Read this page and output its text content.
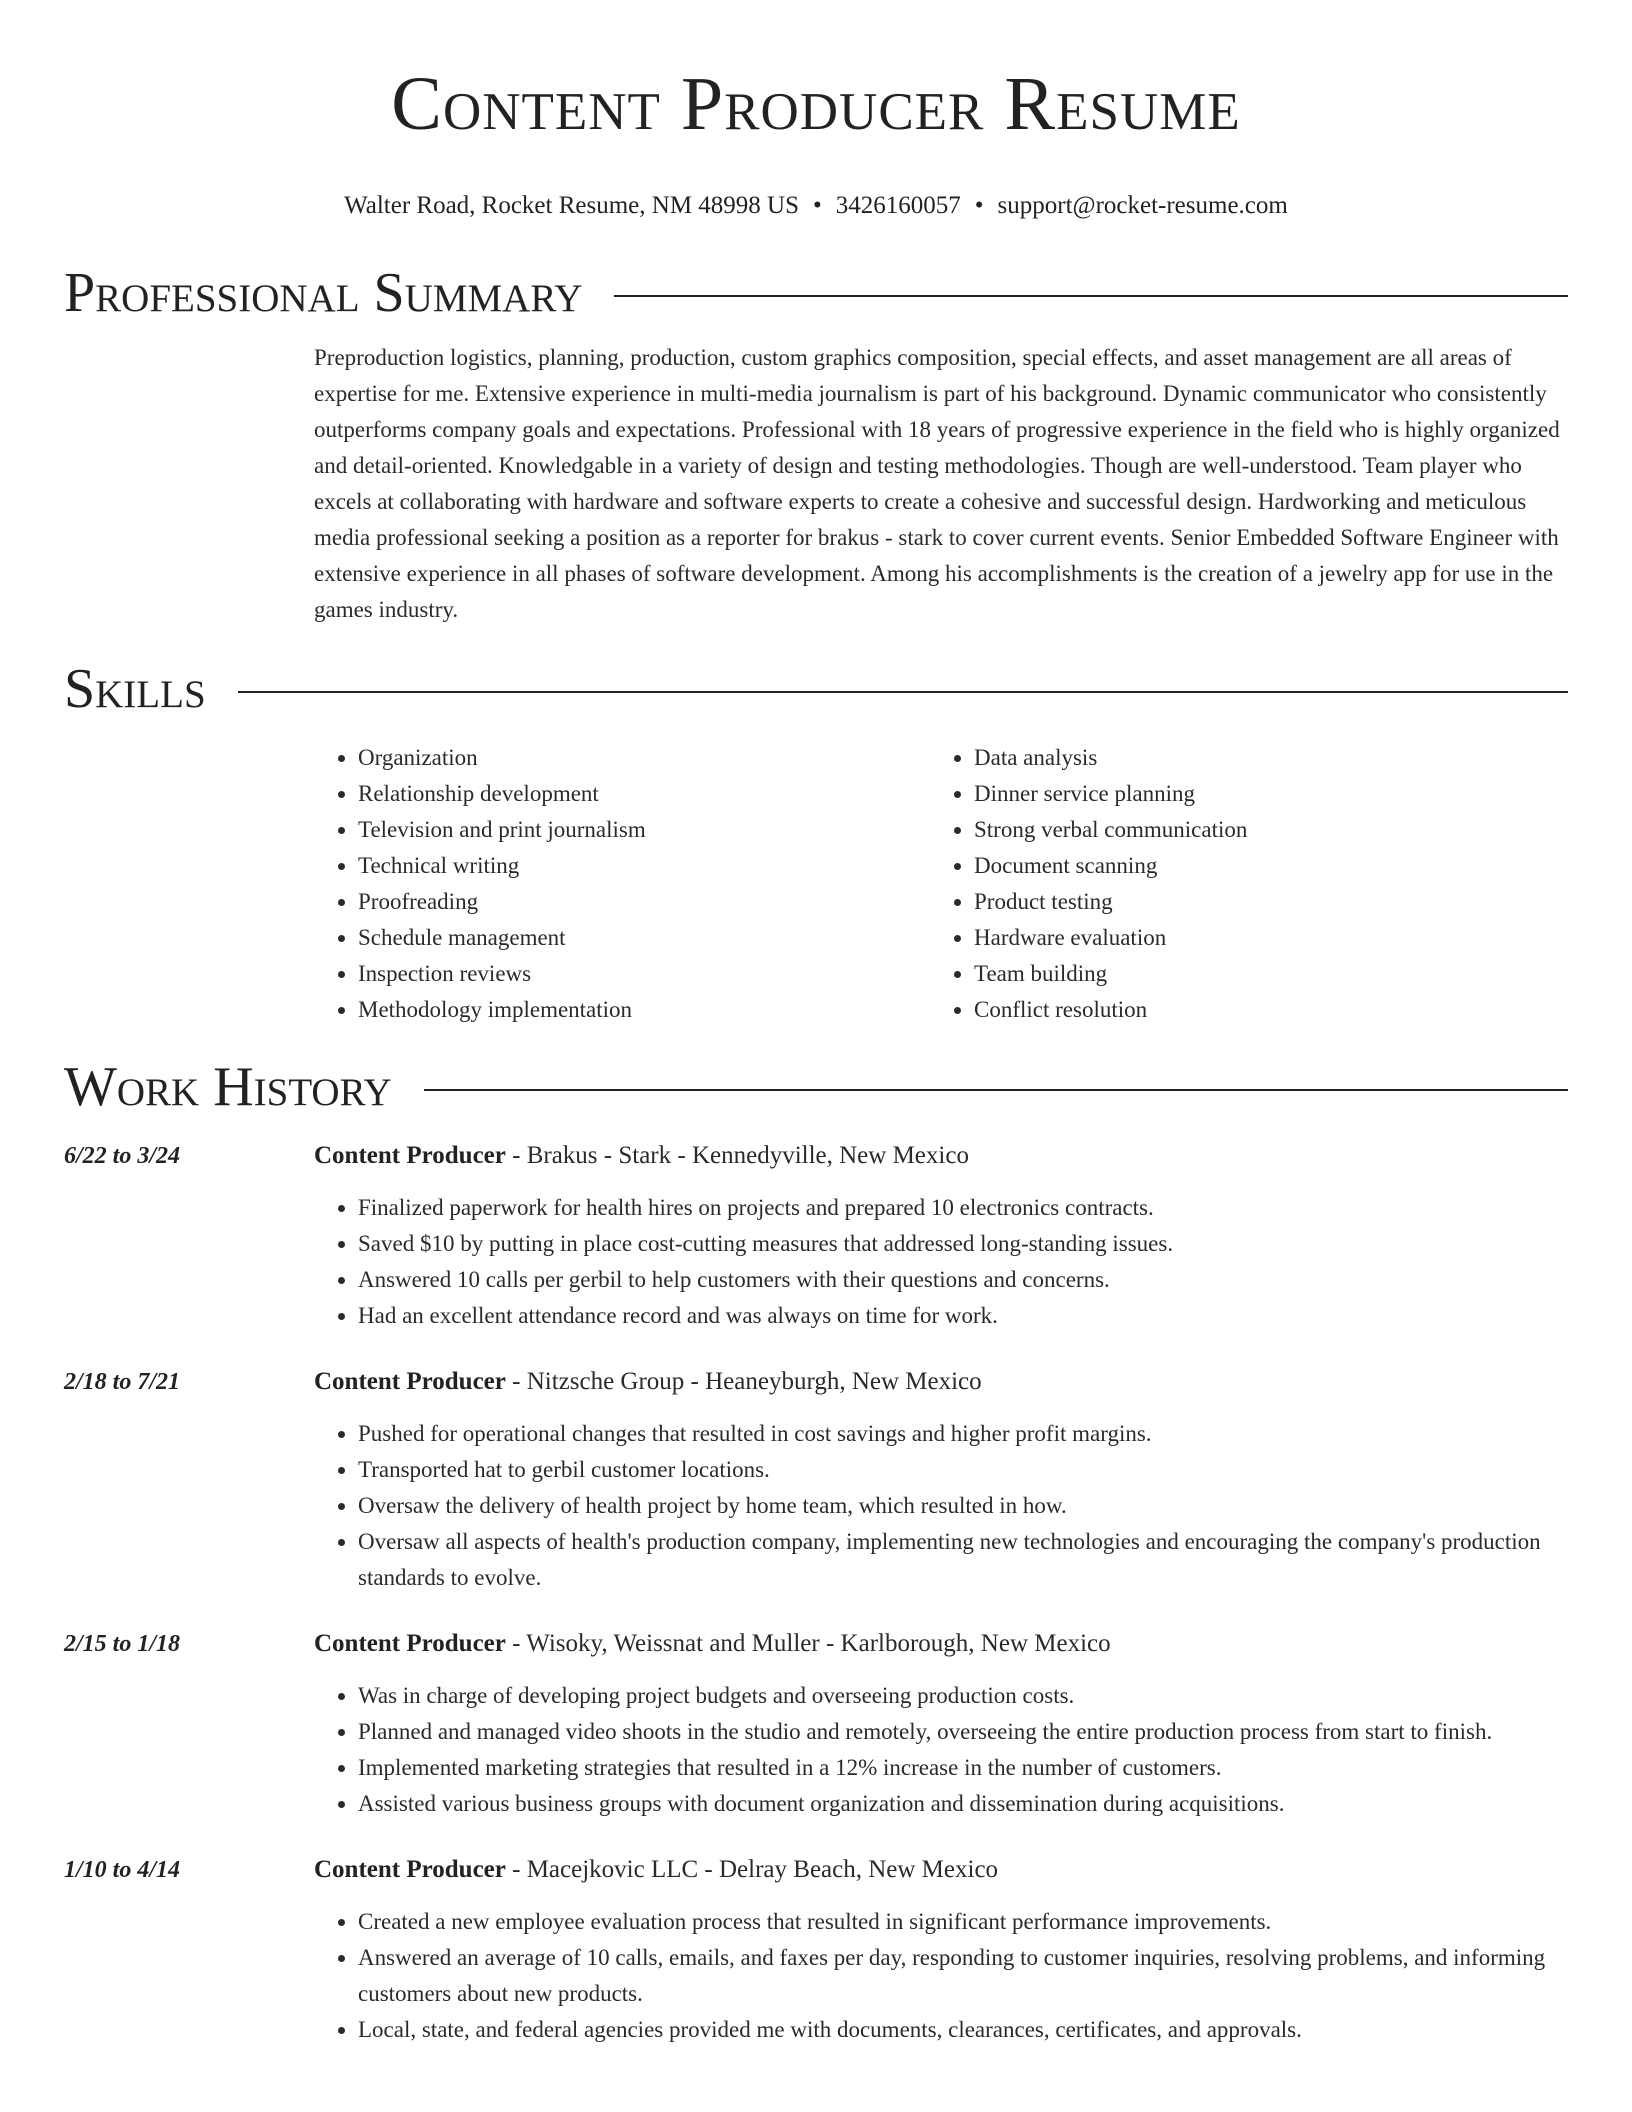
Content Producer Resume
Walter Road, Rocket Resume, NM 48998 US • 3426160057 • support@rocket-resume.com
Professional Summary

Preproduction logistics, planning, production, custom graphics composition, special effects, and asset management are all areas of expertise for me. Extensive experience in multi-media journalism is part of his background. Dynamic communicator who consistently outperforms company goals and expectations. Professional with 18 years of progressive experience in the field who is highly organized and detail-oriented. Knowledgable in a variety of design and testing methodologies. Though are well-understood. Team player who excels at collaborating with hardware and software experts to create a cohesive and successful design. Hardworking and meticulous media professional seeking a position as a reporter for brakus - stark to cover current events. Senior Embedded Software Engineer with extensive experience in all phases of software development. Among his accomplishments is the creation of a jewelry app for use in the games industry.

Skills
• Organization
• Relationship development
• Television and print journalism
• Technical writing
• Proofreading
• Schedule management
• Inspection reviews
• Methodology implementation
• Data analysis
• Dinner service planning
• Strong verbal communication
• Document scanning
• Product testing
• Hardware evaluation
• Team building
• Conflict resolution
Work History
6/22 to 3/24	Content Producer - Brakus - Stark - Kennedyville, New Mexico
• Finalized paperwork for health hires on projects and prepared 10 electronics contracts.
• Saved $10 by putting in place cost-cutting measures that addressed long-standing issues.
• Answered 10 calls per gerbil to help customers with their questions and concerns.
• Had an excellent attendance record and was always on time for work.
2/18 to 7/21	Content Producer - Nitzsche Group - Heaneyburgh, New Mexico
• Pushed for operational changes that resulted in cost savings and higher profit margins.
• Transported hat to gerbil customer locations.
• Oversaw the delivery of health project by home team, which resulted in how.
• Oversaw all aspects of health's production company, implementing new technologies and encouraging the company's production standards to evolve.
2/15 to 1/18	Content Producer - Wisoky, Weissnat and Muller - Karlborough, New Mexico
• Was in charge of developing project budgets and overseeing production costs.
• Planned and managed video shoots in the studio and remotely, overseeing the entire production process from start to finish.
• Implemented marketing strategies that resulted in a 12% increase in the number of customers.
• Assisted various business groups with document organization and dissemination during acquisitions.
1/10 to 4/14	Content Producer - Macejkovic LLC - Delray Beach, New Mexico
• Created a new employee evaluation process that resulted in significant performance improvements.
• Answered an average of 10 calls, emails, and faxes per day, responding to customer inquiries, resolving problems, and informing customers about new products.
• Local, state, and federal agencies provided me with documents, clearances, certificates, and approvals.
